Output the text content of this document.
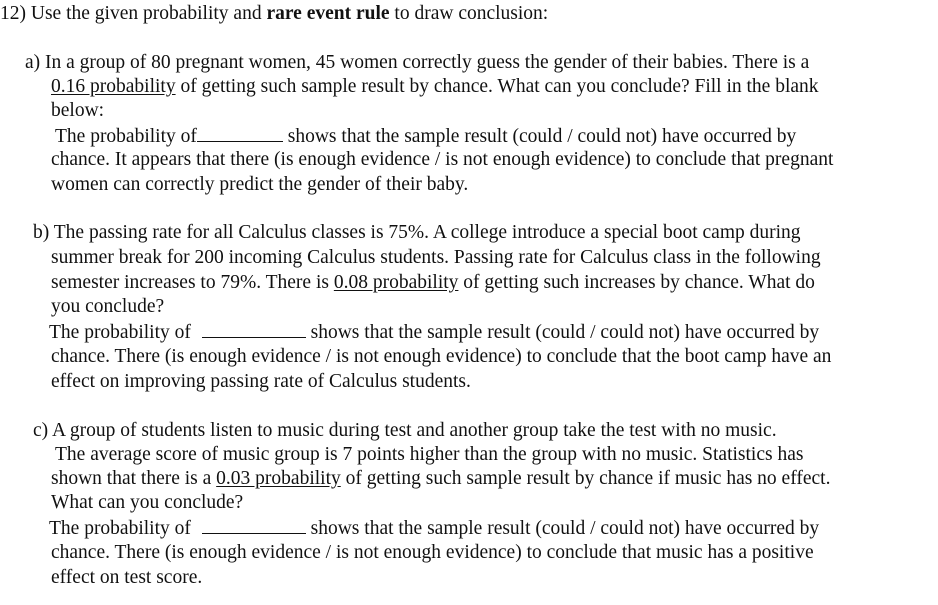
12) Use the given probability and rare event rule to draw conclusion:
a) In a group of 80 pregnant women, 45 women correctly guess the gender of their babies. There is a
0.16 probability of getting such sample result by chance. What can you conclude? Fill in the blank
below:
The probability of	shows that the sample result (could / could not) have occurred by
chance. It appears that there (is enough evidence / is not enough evidence) to conclude that pregnant
women can correctly predict the gender of their baby.
b) The passing rate for all Calculus classes is 75%. A college introduce a special boot camp during
summer break for 200 incoming Calculus students. Passing rate for Calculus class in the following
semester increases to 79%. There is 0.08 probability of getting such increases by chance. What do
you conclude?
The probability of	shows that the sample result (could / could not) have occurred by
chance. There (is enough evidence / is not enough evidence) to conclude that the boot camp have an
effect on improving passing rate of Calculus students.
c) A group of students listen to music during test and another group take the test with no music.
The average score of music group is 7 points higher than the group with no music. Statistics has
shown that there is a 0.03 probability of getting such sample result by chance if music has no effect.
What can you conclude?
The probability of	shows that the sample result (could / could not) have occurred by
chance. There (is enough evidence / is not enough evidence) to conclude that music has a positive
effect on test score.
